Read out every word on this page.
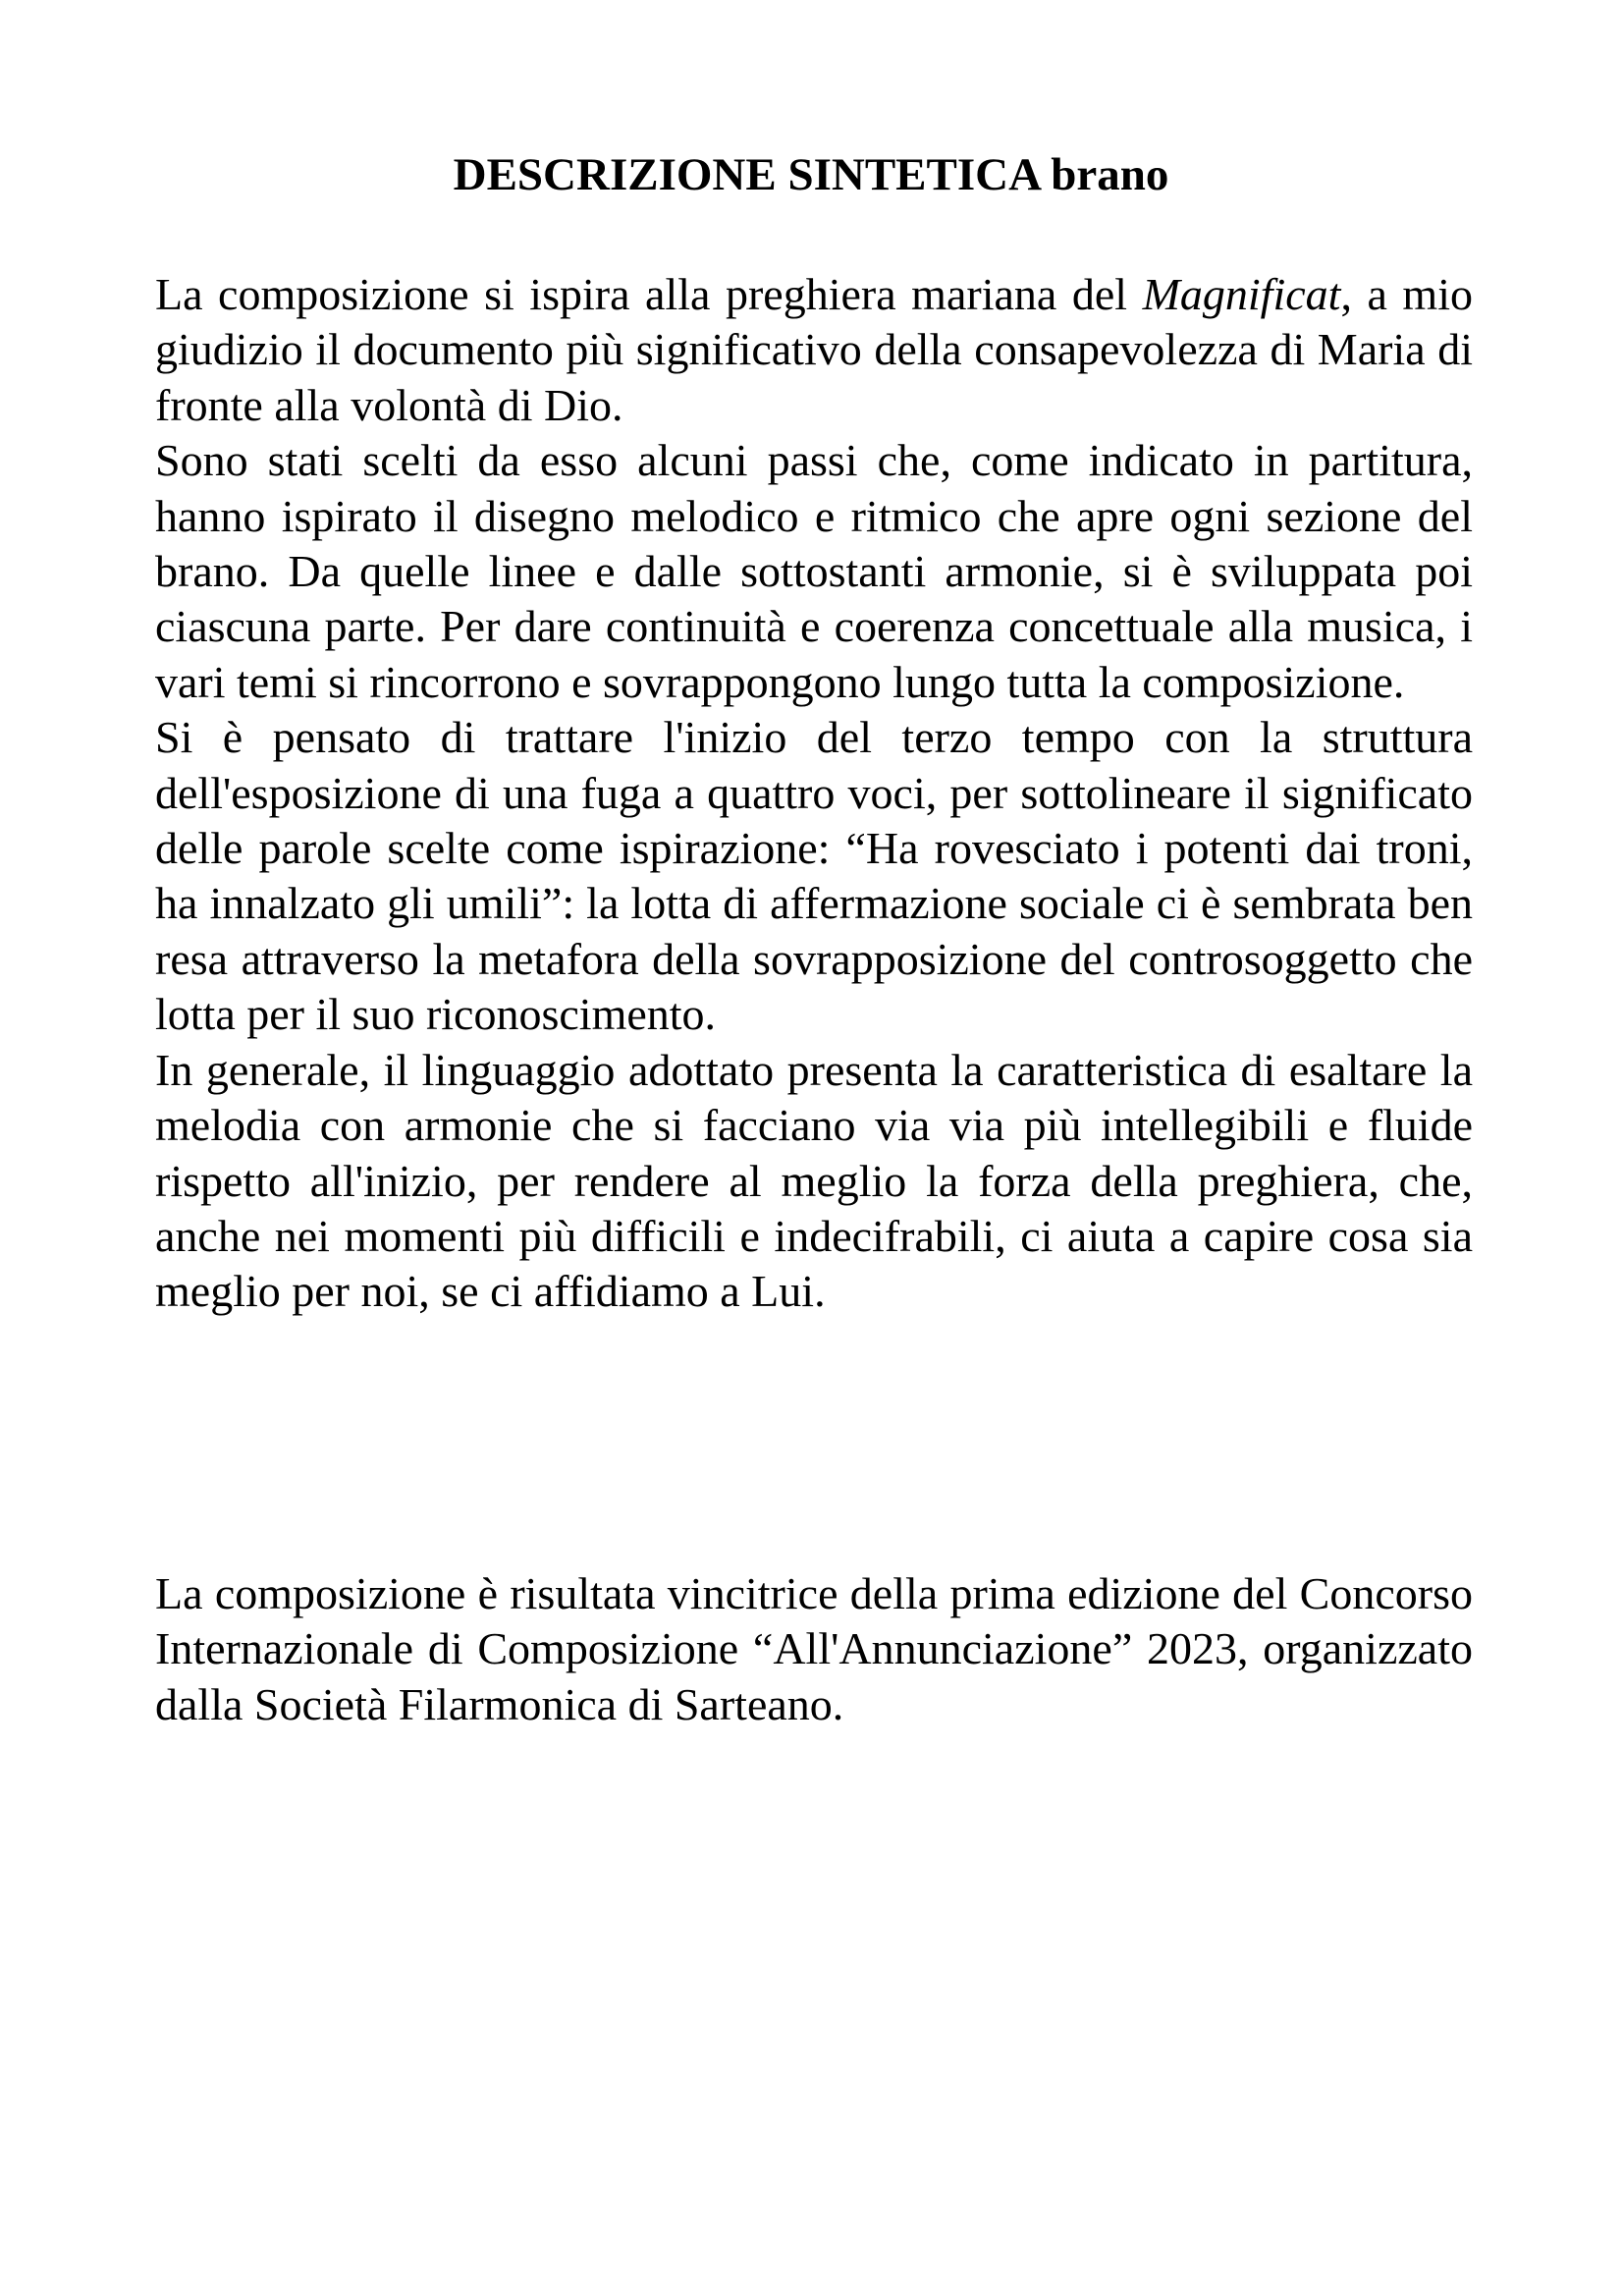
DESCRIZIONE SINTETICA brano

La composizione si ispira alla preghiera mariana del Magnificat, a mio giudizio il documento più significativo della consapevolezza di Maria di fronte alla volontà di Dio.

Sono stati scelti da esso alcuni passi che, come indicato in partitura, hanno ispirato il disegno melodico e ritmico che apre ogni sezione del brano. Da quelle linee e dalle sottostanti armonie, si è sviluppata poi ciascuna parte. Per dare continuità e coerenza concettuale alla musica, i vari temi si rincorrono e sovrappongono lungo tutta la composizione.

Si è pensato di trattare l'inizio del terzo tempo con la struttura dell'esposizione di una fuga a quattro voci, per sottolineare il significato delle parole scelte come ispirazione: “Ha rovesciato i potenti dai troni, ha innalzato gli umili”: la lotta di affermazione sociale ci è sembrata ben resa attraverso la metafora della sovrapposizione del controsoggetto che lotta per il suo riconoscimento.

In generale, il linguaggio adottato presenta la caratteristica di esaltare la melodia con armonie che si facciano via via più intellegibili e fluide rispetto all'inizio, per rendere al meglio la forza della preghiera, che, anche nei momenti più difficili e indecifrabili, ci aiuta a capire cosa sia meglio per noi, se ci affidiamo a Lui.

La composizione è risultata vincitrice della prima edizione del Concorso Internazionale di Composizione “All'Annunciazione” 2023, organizzato dalla Società Filarmonica di Sarteano.
